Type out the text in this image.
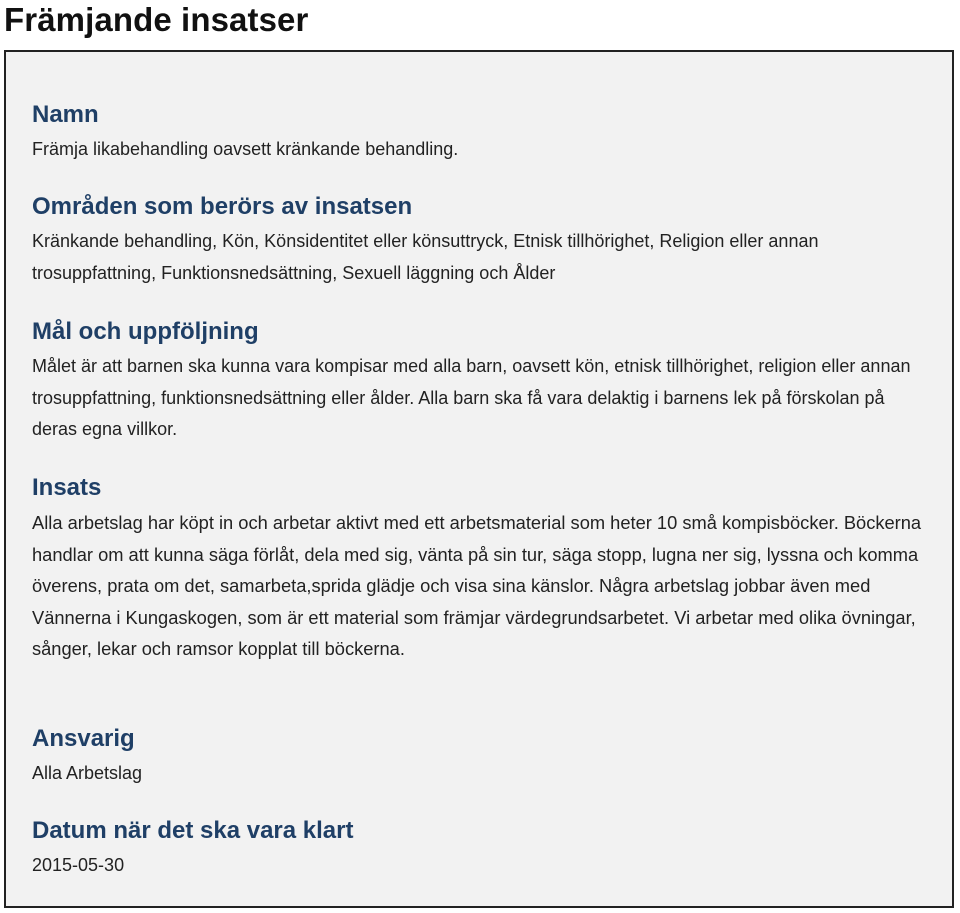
Främjande insatser
Namn

Främja likabehandling oavsett kränkande behandling.

Områden som berörs av insatsen

Kränkande behandling, Kön, Könsidentitet eller könsuttryck, Etnisk tillhörighet, Religion eller annan trosuppfattning, Funktionsnedsättning, Sexuell läggning och Ålder

Mål och uppföljning

Målet är att barnen ska kunna vara kompisar med alla barn, oavsett kön, etnisk tillhörighet, religion eller annan trosuppfattning, funktionsnedsättning eller ålder. Alla barn ska få vara delaktig i barnens lek på förskolan på deras egna villkor.

Insats

Alla arbetslag har köpt in och arbetar aktivt med ett arbetsmaterial som heter 10 små kompisböcker. Böckerna handlar om att kunna säga förlåt, dela med sig, vänta på sin tur, säga stopp, lugna ner sig, lyssna och komma överens, prata om det, samarbeta,sprida glädje och visa sina känslor. Några arbetslag jobbar även med Vännerna i Kungaskogen, som är ett material som främjar värdegrundsarbetet. Vi arbetar med olika övningar, sånger, lekar och ramsor kopplat till böckerna.

Ansvarig

Alla Arbetslag

Datum när det ska vara klart

2015-05-30
